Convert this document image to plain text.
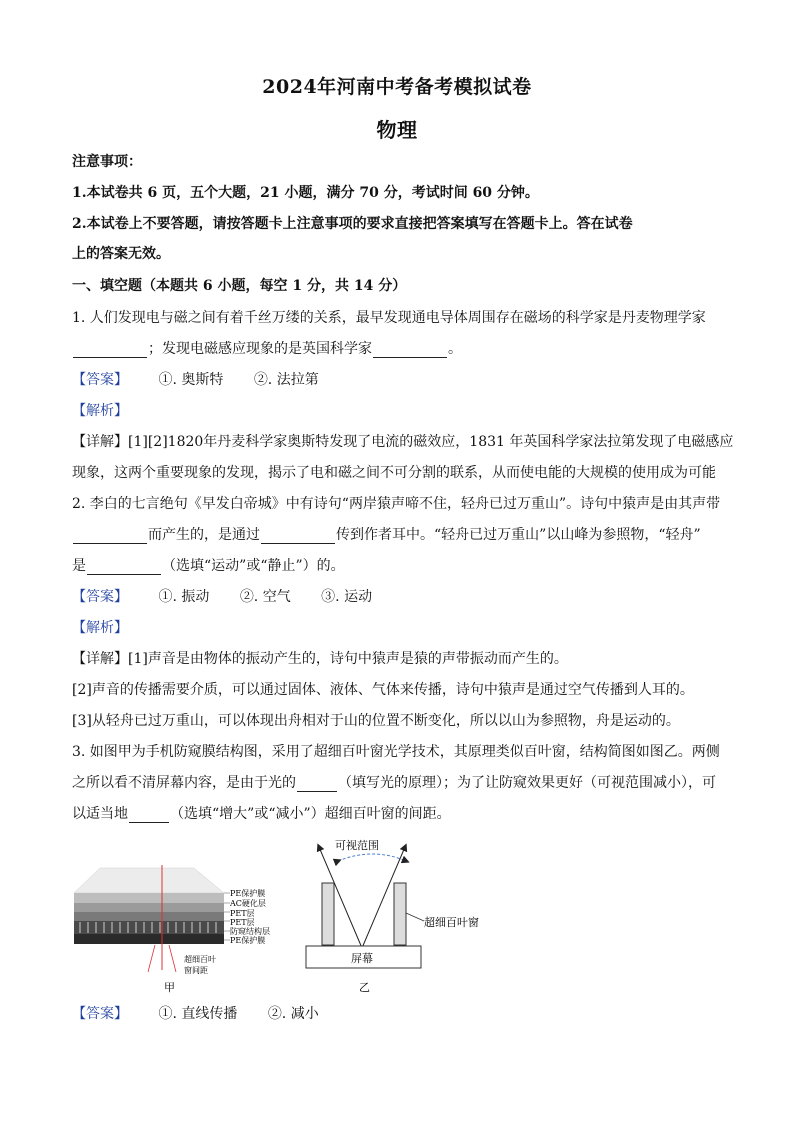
2024年河南中考备考模拟试卷
物理
注意事项：
1.本试卷共 6 页，五个大题，21 小题，满分 70 分，考试时间 60 分钟。
2.本试卷上不要答题，请按答题卡上注意事项的要求直接把答案填写在答题卡上。答在试卷
上的答案无效。
一、填空题（本题共 6 小题，每空 1 分，共 14 分）
1. 人们发现电与磁之间有着千丝万缕的关系，最早发现通电导体周围存在磁场的科学家是丹麦物理学家
；发现电磁感应现象的是英国科学家	。
【答案】 ①. 奥斯特 ②. 法拉第
【解析】
【详解】[1][2]1820年丹麦科学家奥斯特发现了电流的磁效应，1831 年英国科学家法拉第发现了电磁感应
现象，这两个重要现象的发现，揭示了电和磁之间不可分割的联系，从而使电能的大规模的使用成为可能
2. 李白的七言绝句《早发白帝城》中有诗句“两岸猿声啼不住，轻舟已过万重山”。诗句中猿声是由其声带
而产生的，是通过	传到作者耳中。“轻舟已过万重山”以山峰为参照物，“轻舟”
是	（选填“运动”或“静止”）的。
【答案】 ①. 振动 ②. 空气 ③. 运动
【解析】
【详解】[1]声音是由物体的振动产生的，诗句中猿声是猿的声带振动而产生的。
[2]声音的传播需要介质，可以通过固体、液体、气体来传播，诗句中猿声是通过空气传播到人耳的。
[3]从轻舟已过万重山，可以体现出舟相对于山的位置不断变化，所以以山为参照物，舟是运动的。
3. 如图甲为手机防窥膜结构图，采用了超细百叶窗光学技术，其原理类似百叶窗，结构简图如图乙。两侧
之所以看不清屏幕内容，是由于光的	（填写光的原理）；为了让防窥效果更好（可视范围减小），可
以适当地	（选填“增大”或“减小”）超细百叶窗的间距。
PE保护膜
AC硬化层
PET层
PET层
防窥结构层
PE保护膜
超细百叶
窗间距
甲
可视范围
超细百叶窗
屏幕
乙
【答案】 ①. 直线传播 ②. 减小
